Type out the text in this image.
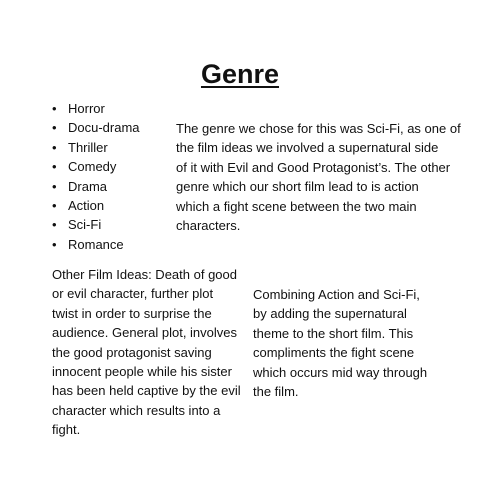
Genre
• Horror
• Docu-drama
• Thriller
• Comedy
• Drama
• Action
• Sci-Fi
• Romance
The genre we chose for this was Sci-Fi, as one of
the film ideas we involved a supernatural side
of it with Evil and Good Protagonist’s. The other
genre which our short film lead to is action
which a fight scene between the two main
characters.
Other Film Ideas: Death of good
or evil character, further plot
twist in order to surprise the
audience. General plot, involves
the good protagonist saving
innocent people while his sister
has been held captive by the evil
character which results into a
fight.
Combining Action and Sci-Fi,
by adding the supernatural
theme to the short film. This
compliments the fight scene
which occurs mid way through
the film.
